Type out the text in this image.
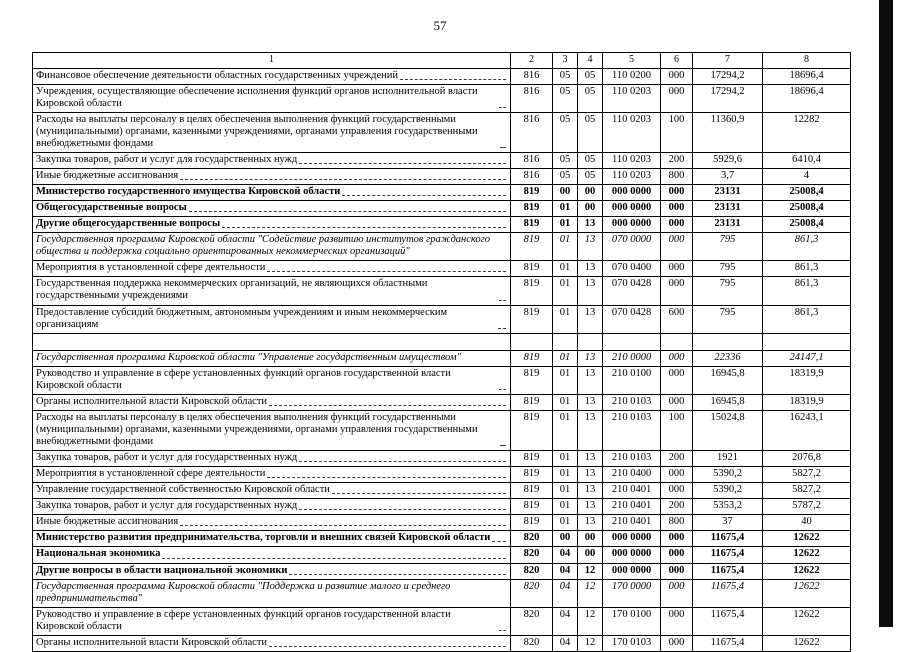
57
1	2	3	4	5	6	7	8

Финансовое обеспечение деятельности областных государственных учреждений	816	05	05	110 0200	000	17294,2	18696,4

Учреждения, осуществляющие обеспечение исполнения функций органов исполнительной власти Кировской области	816	05	05	110 0203	000	17294,2	18696,4

Расходы на выплаты персоналу в целях обеспечения выполнения функций государственными (муниципальными) органами, казенными учреждениями, органами управления государственными внебюджетными фондами	816	05	05	110 0203	100	11360,9	12282

Закупка товаров, работ и услуг для государственных нужд	816	05	05	110 0203	200	5929,6	6410,4

Иные бюджетные ассигнования	816	05	05	110 0203	800	3,7	4

Министерство государственного имущества Кировской области	819	00	00	000 0000	000	23131	25008,4

Общегосударственные вопросы	819	01	00	000 0000	000	23131	25008,4

Другие общегосударственные вопросы	819	01	13	000 0000	000	23131	25008,4

Государственная программа Кировской области "Содействие развитию институтов гражданского общества и поддержка социально ориентированных некоммерческих организаций"	819	01	13	070 0000	000	795	861,3

Мероприятия в установленной сфере деятельности	819	01	13	070 0400	000	795	861,3

Государственная поддержка некоммерческих организаций, не являющихся областными государственными учреждениями	819	01	13	070 0428	000	795	861,3

Предоставление субсидий бюджетным, автономным учреждениям и иным некоммерческим организациям	819	01	13	070 0428	600	795	861,3

Государственная программа Кировской области "Управление государственным имуществом"	819	01	13	210 0000	000	22336	24147,1

Руководство и управление в сфере установленных функций органов государственной власти Кировской области	819	01	13	210 0100	000	16945,8	18319,9

Органы исполнительной власти Кировской области	819	01	13	210 0103	000	16945,8	18319,9

Расходы на выплаты персоналу в целях обеспечения выполнения функций государственными (муниципальными) органами, казенными учреждениями, органами управления государственными внебюджетными фондами	819	01	13	210 0103	100	15024,8	16243,1

Закупка товаров, работ и услуг для государственных нужд	819	01	13	210 0103	200	1921	2076,8

Мероприятия в установленной сфере деятельности	819	01	13	210 0400	000	5390,2	5827,2

Управление государственной собственностью Кировской области	819	01	13	210 0401	000	5390,2	5827,2

Закупка товаров, работ и услуг для государственных нужд	819	01	13	210 0401	200	5353,2	5787,2

Иные бюджетные ассигнования	819	01	13	210 0401	800	37	40

Министерство развития предпринимательства, торговли и внешних связей Кировской области	820	00	00	000 0000	000	11675,4	12622

Национальная экономика	820	04	00	000 0000	000	11675,4	12622

Другие вопросы в области национальной экономики	820	04	12	000 0000	000	11675,4	12622

Государственная программа Кировской области "Поддержка и развитие малого и среднего предпринимательства"	820	04	12	170 0000	000	11675,4	12622

Руководство и управление в сфере установленных функций органов государственной власти Кировской области	820	04	12	170 0100	000	11675,4	12622

Органы исполнительной власти Кировской области	820	04	12	170 0103	000	11675,4	12622
